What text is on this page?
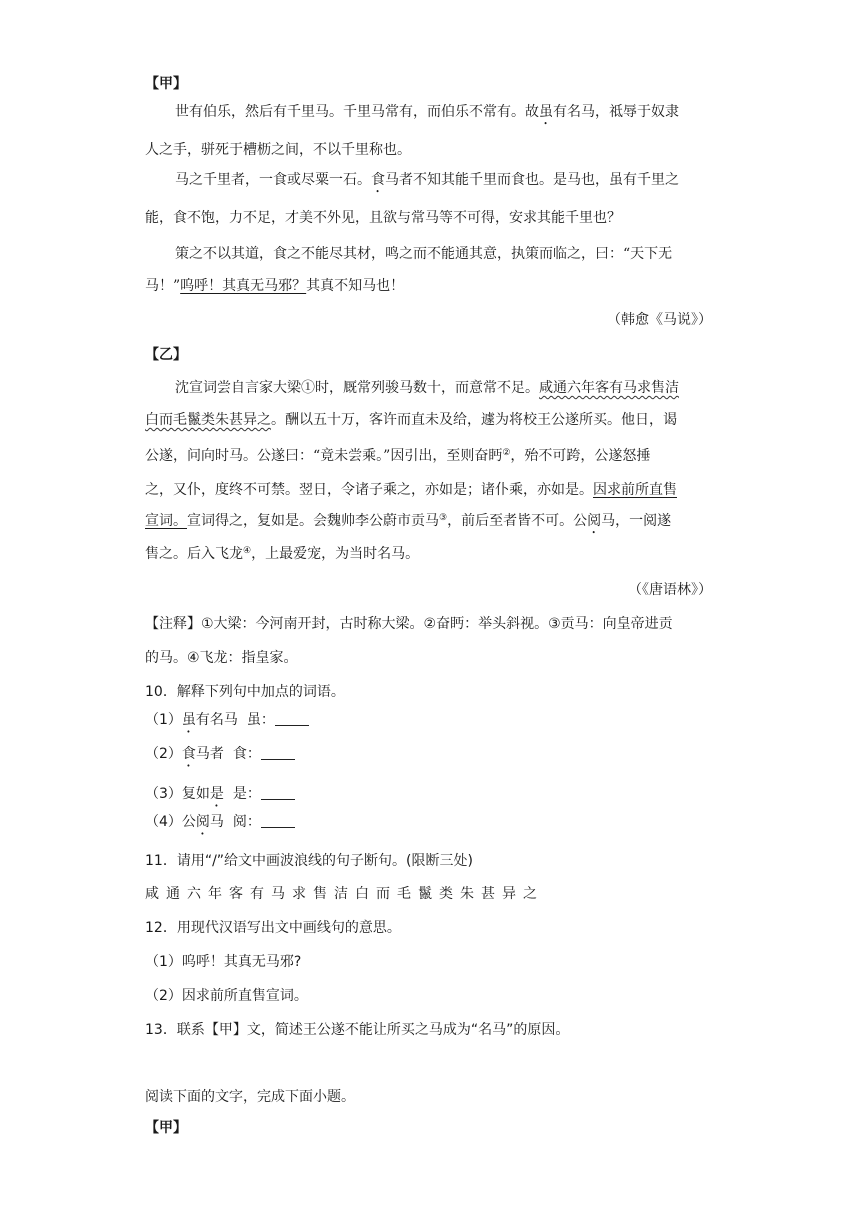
【甲】
世有伯乐，然后有千里马。千里马常有，而伯乐不常有。故虽有名马，祗辱于奴隶
人之手，骈死于槽枥之间，不以千里称也。
马之千里者，一食或尽粟一石。食马者不知其能千里而食也。是马也，虽有千里之
能，食不饱，力不足，才美不外见，且欲与常马等不可得，安求其能千里也？
策之不以其道，食之不能尽其材，鸣之而不能通其意，执策而临之，曰：“天下无
马！”呜呼！其真无马邪？其真不知马也！
（韩愈《马说》）
【乙】
沈宣词尝自言家大梁①时，厩常列骏马数十，而意常不足。咸通六年客有马求售洁
白而毛鬣类朱甚异之。酬以五十万，客许而直未及给，遽为将校王公遂所买。他日，谒
公遂，问向时马。公遂曰：“竟未尝乘。”因引出，至则奋眄②，殆不可跨，公遂怒捶
之，又仆，度终不可禁。翌日，令诸子乘之，亦如是；诸仆乘，亦如是。因求前所直售
宣词。宣词得之，复如是。会魏帅李公蔚市贡马③，前后至者皆不可。公阅马，一阅遂
售之。后入飞龙④，上最爱宠，为当时名马。
（《唐语林》）
【注释】①大梁：今河南开封，古时称大梁。②奋眄：举头斜视。③贡马：向皇帝进贡
的马。④飞龙：指皇家。
10．解释下列句中加点的词语。
（1）虽有名马  虽：
（2）食马者  食：
（3）复如是  是：
（4）公阅马  阅：
11．请用“/”给文中画波浪线的句子断句。(限断三处)
咸通六年客有马求售洁白而毛鬣类朱甚异之
12．用现代汉语写出文中画线句的意思。
（1）呜呼！其真无马邪?
（2）因求前所直售宣词。
13．联系【甲】文，简述王公遂不能让所买之马成为“名马”的原因。
阅读下面的文字，完成下面小题。
【甲】
